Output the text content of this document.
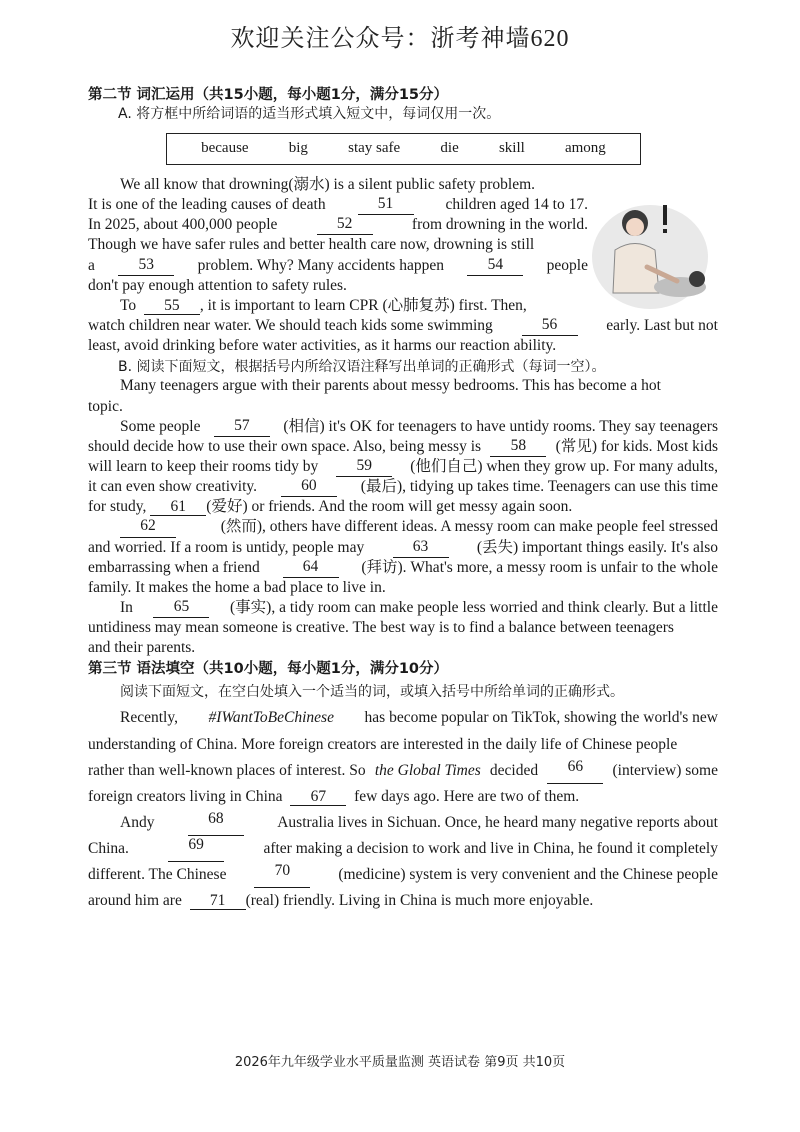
欢迎关注公众号：浙考神墙620

第二节 词汇运用（共15小题，每小题1分，满分15分）

A. 将方框中所给词语的适当形式填入短文中，每词仅用一次。

because	big	stay safe	die	skill	among

We all know that drowning(溺水) is a silent public safety problem.

It is one of the leading causes of death	51	children aged 14 to 17.

In 2025, about 400,000 people	52	from drowning in the world.

Though we have safer rules and better health care now, drowning is still

a	53	problem. Why? Many accidents happen	54	people

don't pay enough attention to safety rules.

To 55 , it is important to learn CPR (心肺复苏) first. Then,

watch children near water. We should teach kids some swimming	56	early. Last but not

least, avoid drinking before water activities, as it harms our reaction ability.

B. 阅读下面短文，根据括号内所给汉语注释写出单词的正确形式（每词一空）。

Many teenagers argue with their parents about messy bedrooms. This has become a hot

topic.

Some people	57	(相信) it's OK for teenagers to have untidy rooms. They say teenagers

should decide how to use their own space. Also, being messy is	58	(常见) for kids. Most kids

will learn to keep their rooms tidy by	59	(他们自己) when they grow up. For many adults,

it can even show creativity.	60	(最后), tidying up takes time. Teenagers can use this time

for study, 61 (爱好) or friends. And the room will get messy again soon.

62	(然而), others have different ideas. A messy room can make people feel stressed

and worried. If a room is untidy, people may	63	(丢失) important things easily. It's also

embarrassing when a friend	64	(拜访). What's more, a messy room is unfair to the whole

family. It makes the home a bad place to live in.

In	65	(事实), a tidy room can make people less worried and think clearly. But a little

untidiness may mean someone is creative. The best way is to find a balance between teenagers

and their parents.

第三节 语法填空（共10小题，每小题1分，满分10分）

阅读下面短文，在空白处填入一个适当的词，或填入括号中所给单词的正确形式。

Recently, #IWantToBeChinese has become popular on TikTok, showing the world's new

understanding of China. More foreign creators are interested in the daily life of Chinese people

rather than well-known places of interest. So the Global Times decided	66	(interview) some

foreign creators living in China 67 few days ago. Here are two of them.

Andy	68	Australia lives in Sichuan. Once, he heard many negative reports about

China.	69	after making a decision to work and live in China, he found it completely

different. The Chinese	70	(medicine) system is very convenient and the Chinese people

around him are 71 (real) friendly. Living in China is much more enjoyable.

2026年九年级学业水平质量监测 英语试卷 第9页 共10页
